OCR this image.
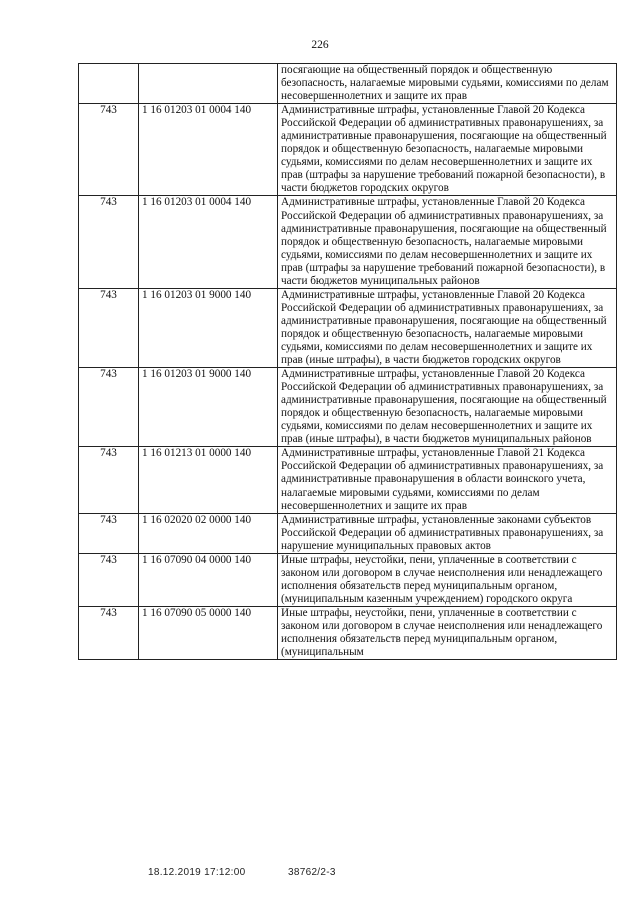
226
		посягающие на общественный порядок и общественную безопасность, налагаемые мировыми судьями, комиссиями по делам несовершеннолетних и защите их прав
743	1 16 01203 01 0004 140	Административные штрафы, установленные Главой 20 Кодекса Российской Федерации об административных правонарушениях, за административные правонарушения, посягающие на общественный порядок и общественную безопасность, налагаемые мировыми судьями, комиссиями по делам несовершеннолетних и защите их прав (штрафы за нарушение требований пожарной безопасности), в части бюджетов городских округов
743	1 16 01203 01 0004 140	Административные штрафы, установленные Главой 20 Кодекса Российской Федерации об административных правонарушениях, за административные правонарушения, посягающие на общественный порядок и общественную безопасность, налагаемые мировыми судьями, комиссиями по делам несовершеннолетних и защите их прав (штрафы за нарушение требований пожарной безопасности), в части бюджетов муниципальных районов
743	1 16 01203 01 9000 140	Административные штрафы, установленные Главой 20 Кодекса Российской Федерации об административных правонарушениях, за административные правонарушения, посягающие на общественный порядок и общественную безопасность, налагаемые мировыми судьями, комиссиями по делам несовершеннолетних и защите их прав (иные штрафы), в части бюджетов городских округов
743	1 16 01203 01 9000 140	Административные штрафы, установленные Главой 20 Кодекса Российской Федерации об административных правонарушениях, за административные правонарушения, посягающие на общественный порядок и общественную безопасность, налагаемые мировыми судьями, комиссиями по делам несовершеннолетних и защите их прав (иные штрафы), в части бюджетов муниципальных районов
743	1 16 01213 01 0000 140	Административные штрафы, установленные Главой 21 Кодекса Российской Федерации об административных правонарушениях, за административные правонарушения в области воинского учета, налагаемые мировыми судьями, комиссиями по делам несовершеннолетних и защите их прав
743	1 16 02020 02 0000 140	Административные штрафы, установленные законами субъектов Российской Федерации об административных правонарушениях, за нарушение муниципальных правовых актов
743	1 16 07090 04 0000 140	Иные штрафы, неустойки, пени, уплаченные в соответствии с законом или договором в случае неисполнения или ненадлежащего исполнения обязательств перед муниципальным органом, (муниципальным казенным учреждением) городского округа
743	1 16 07090 05 0000 140	Иные штрафы, неустойки, пени, уплаченные в соответствии с законом или договором в случае неисполнения или ненадлежащего исполнения обязательств перед муниципальным органом, (муниципальным
18.12.2019 17:12:00	38762/2-3
